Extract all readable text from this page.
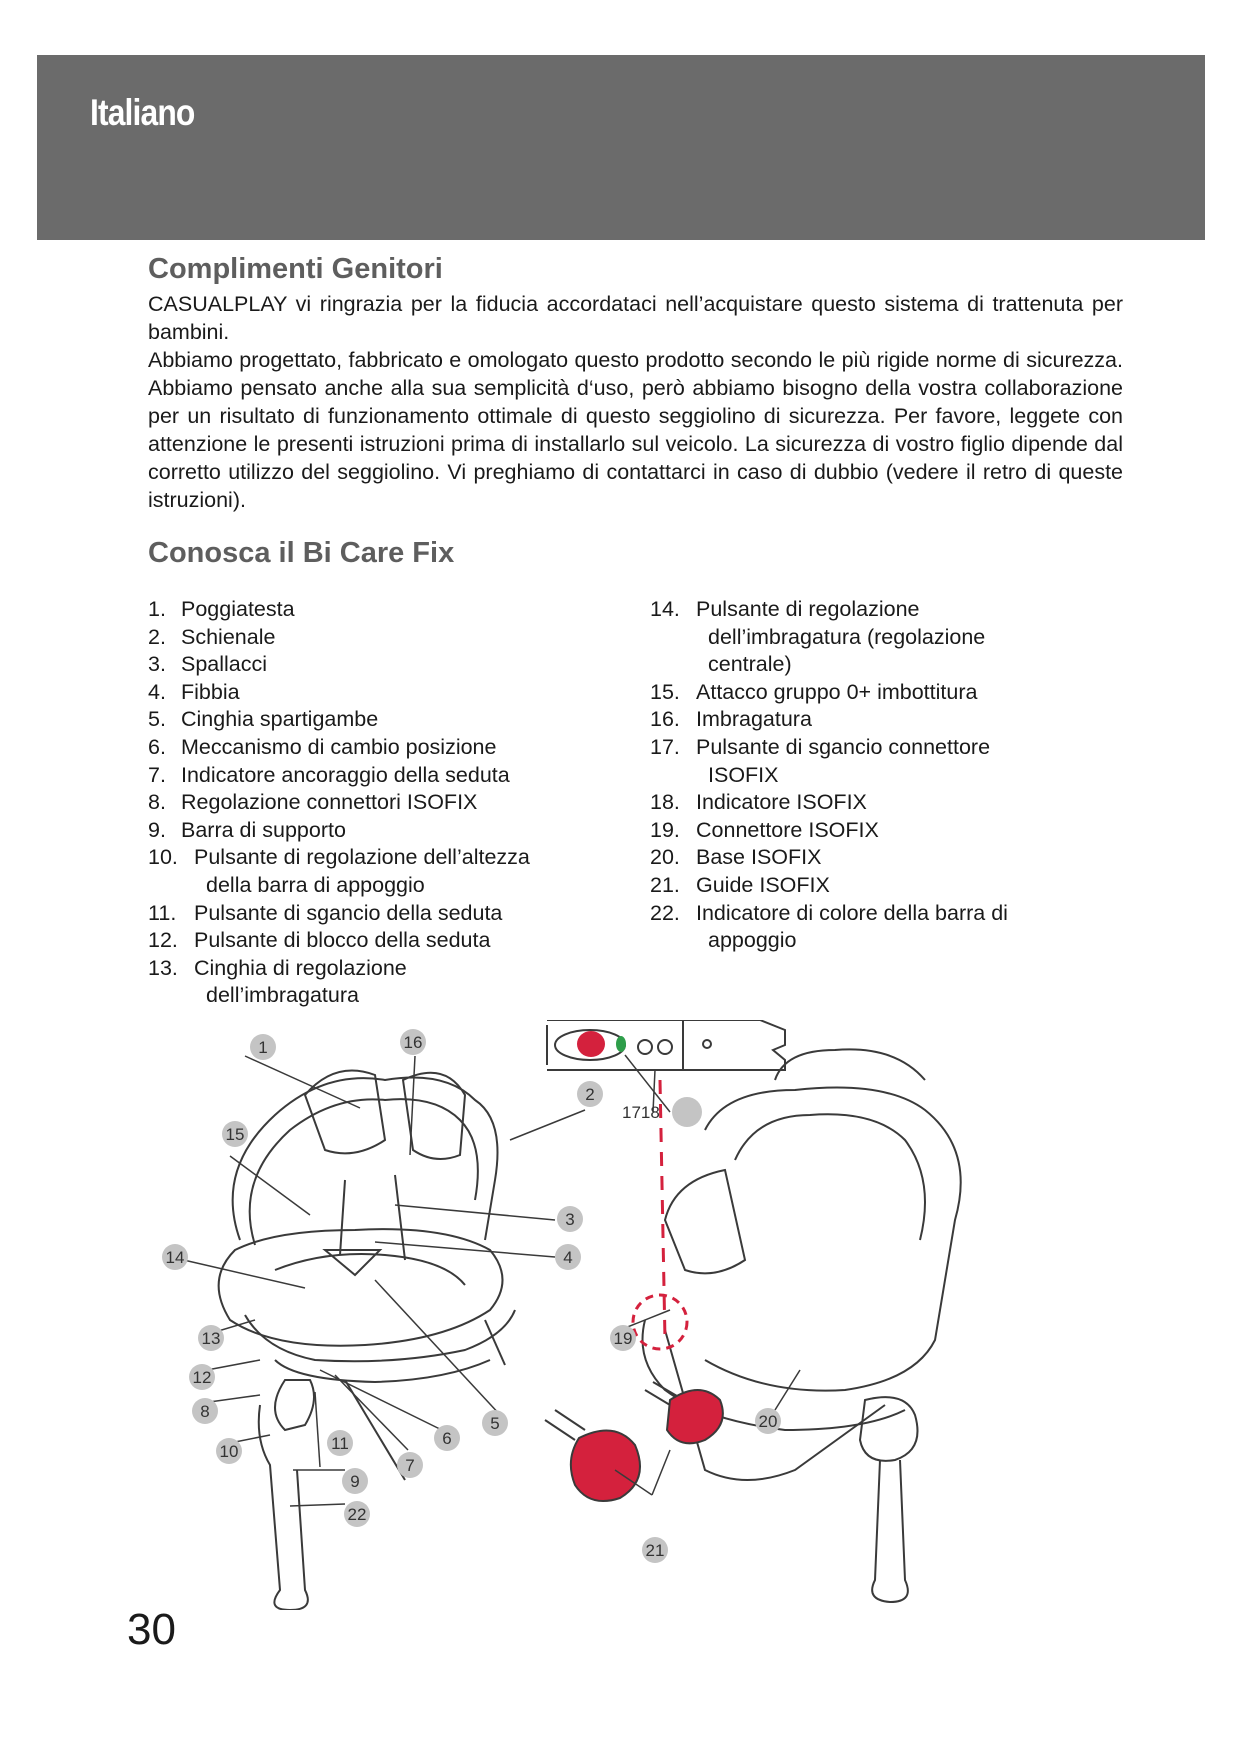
Italiano
Complimenti Genitori

CASUALPLAY vi ringrazia per la fiducia accordataci nell’acquistare questo sistema di trattenuta per bambini.

Abbiamo progettato, fabbricato e omologato questo prodotto secondo le più rigide norme di sicurezza. Abbiamo pensato anche alla sua semplicità d‘uso, però abbiamo bisogno della vostra collaborazione per un risultato di funzionamento ottimale di questo seggiolino di sicurezza. Per favore, leggete con attenzione le presenti istruzioni prima di installarlo sul veicolo. La sicurezza di vostro figlio dipende dal corretto utilizzo del seggiolino. Vi preghiamo di contattarci in caso di dubbio (vedere il retro di queste istruzioni).

Conosca il Bi Care Fix
1. Poggiatesta
2. Schienale
3. Spallacci
4. Fibbia
5. Cinghia spartigambe
6. Meccanismo di cambio posizione
7. Indicatore ancoraggio della seduta
8. Regolazione connettori ISOFIX
9. Barra di supporto
10. Pulsante di regolazione dell’altezza
della barra di appoggio
11. Pulsante di sgancio della seduta
12. Pulsante di blocco della seduta
13. Cinghia di regolazione
dell’imbragatura
14. Pulsante di regolazione
dell’imbragatura (regolazione
centrale)
15. Attacco gruppo 0+ imbottitura
16. Imbragatura
17. Pulsante di sgancio connettore
ISOFIX
18. Indicatore ISOFIX
19. Connettore ISOFIX
20. Base ISOFIX
21. Guide ISOFIX
22. Indicatore di colore della barra di
appoggio
1
2
3
4
5
6
7
8
9
10	11
12
13
14
15
16
1718
19
20
21
22
30
